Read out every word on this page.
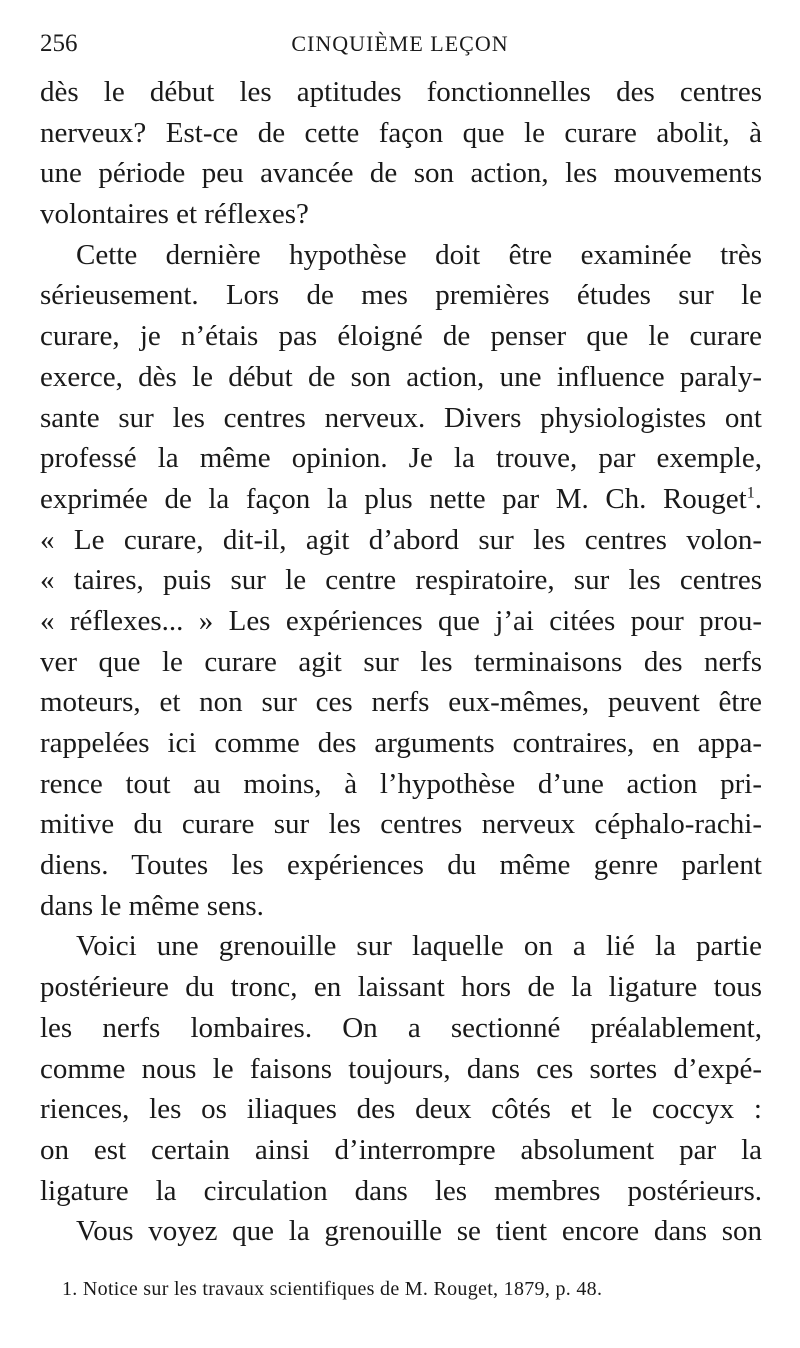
256	CINQUIÈME LEÇON
dès le début les aptitudes fonctionnelles des centres
nerveux? Est-ce de cette façon que le curare abolit, à
une période peu avancée de son action, les mouvements
volontaires et réflexes?
Cette dernière hypothèse doit être examinée très
sérieusement. Lors de mes premières études sur le
curare, je n’étais pas éloigné de penser que le curare
exerce, dès le début de son action, une influence paraly-
sante sur les centres nerveux. Divers physiologistes ont
professé la même opinion. Je la trouve, par exemple,
exprimée de la façon la plus nette par M. Ch. Rouget$^1$.
« Le curare, dit-il, agit d’abord sur les centres volon-
« taires, puis sur le centre respiratoire, sur les centres
« réflexes... » Les expériences que j’ai citées pour prou-
ver que le curare agit sur les terminaisons des nerfs
moteurs, et non sur ces nerfs eux-mêmes, peuvent être
rappelées ici comme des arguments contraires, en appa-
rence tout au moins, à l’hypothèse d’une action pri-
mitive du curare sur les centres nerveux céphalo-rachi-
diens. Toutes les expériences du même genre parlent
dans le même sens.
Voici une grenouille sur laquelle on a lié la partie
postérieure du tronc, en laissant hors de la ligature tous
les nerfs lombaires. On a sectionné préalablement,
comme nous le faisons toujours, dans ces sortes d’expé-
riences, les os iliaques des deux côtés et le coccyx :
on est certain ainsi d’interrompre absolument par la
ligature la circulation dans les membres postérieurs.
Vous voyez que la grenouille se tient encore dans son
1. Notice sur les travaux scientifiques de M. Rouget, 1879, p. 48.
